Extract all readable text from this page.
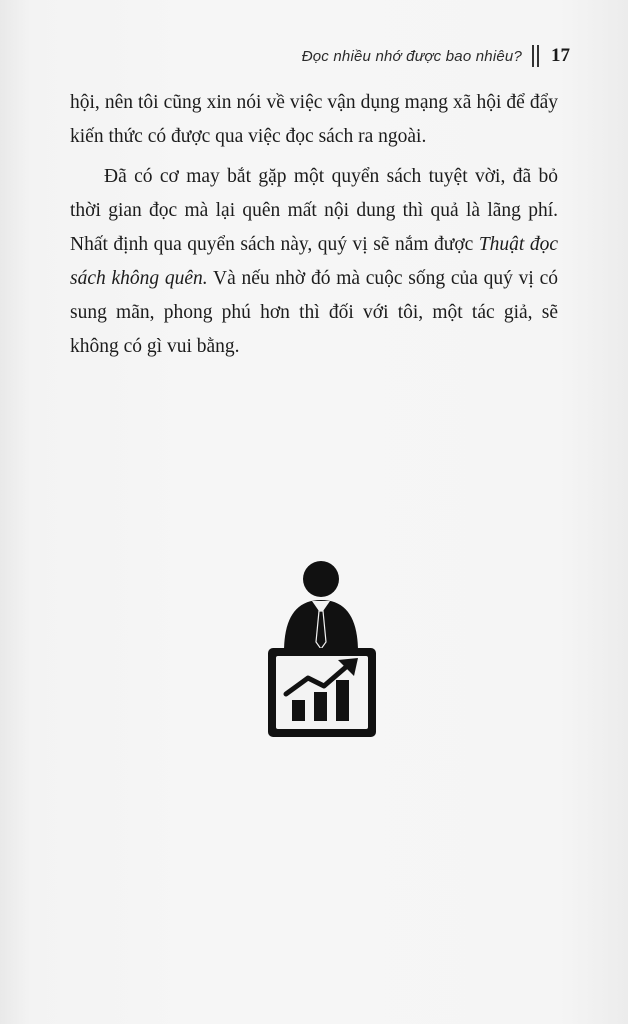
Đọc nhiều nhớ được bao nhiêu? 17

hội, nên tôi cũng xin nói về việc vận dụng mạng xã hội để đẩy kiến thức có được qua việc đọc sách ra ngoài.

Đã có cơ may bắt gặp một quyển sách tuyệt vời, đã bỏ thời gian đọc mà lại quên mất nội dung thì quả là lãng phí. Nhất định qua quyển sách này, quý vị sẽ nắm được Thuật đọc sách không quên. Và nếu nhờ đó mà cuộc sống của quý vị có sung mãn, phong phú hơn thì đối với tôi, một tác giả, sẽ không có gì vui bằng.
